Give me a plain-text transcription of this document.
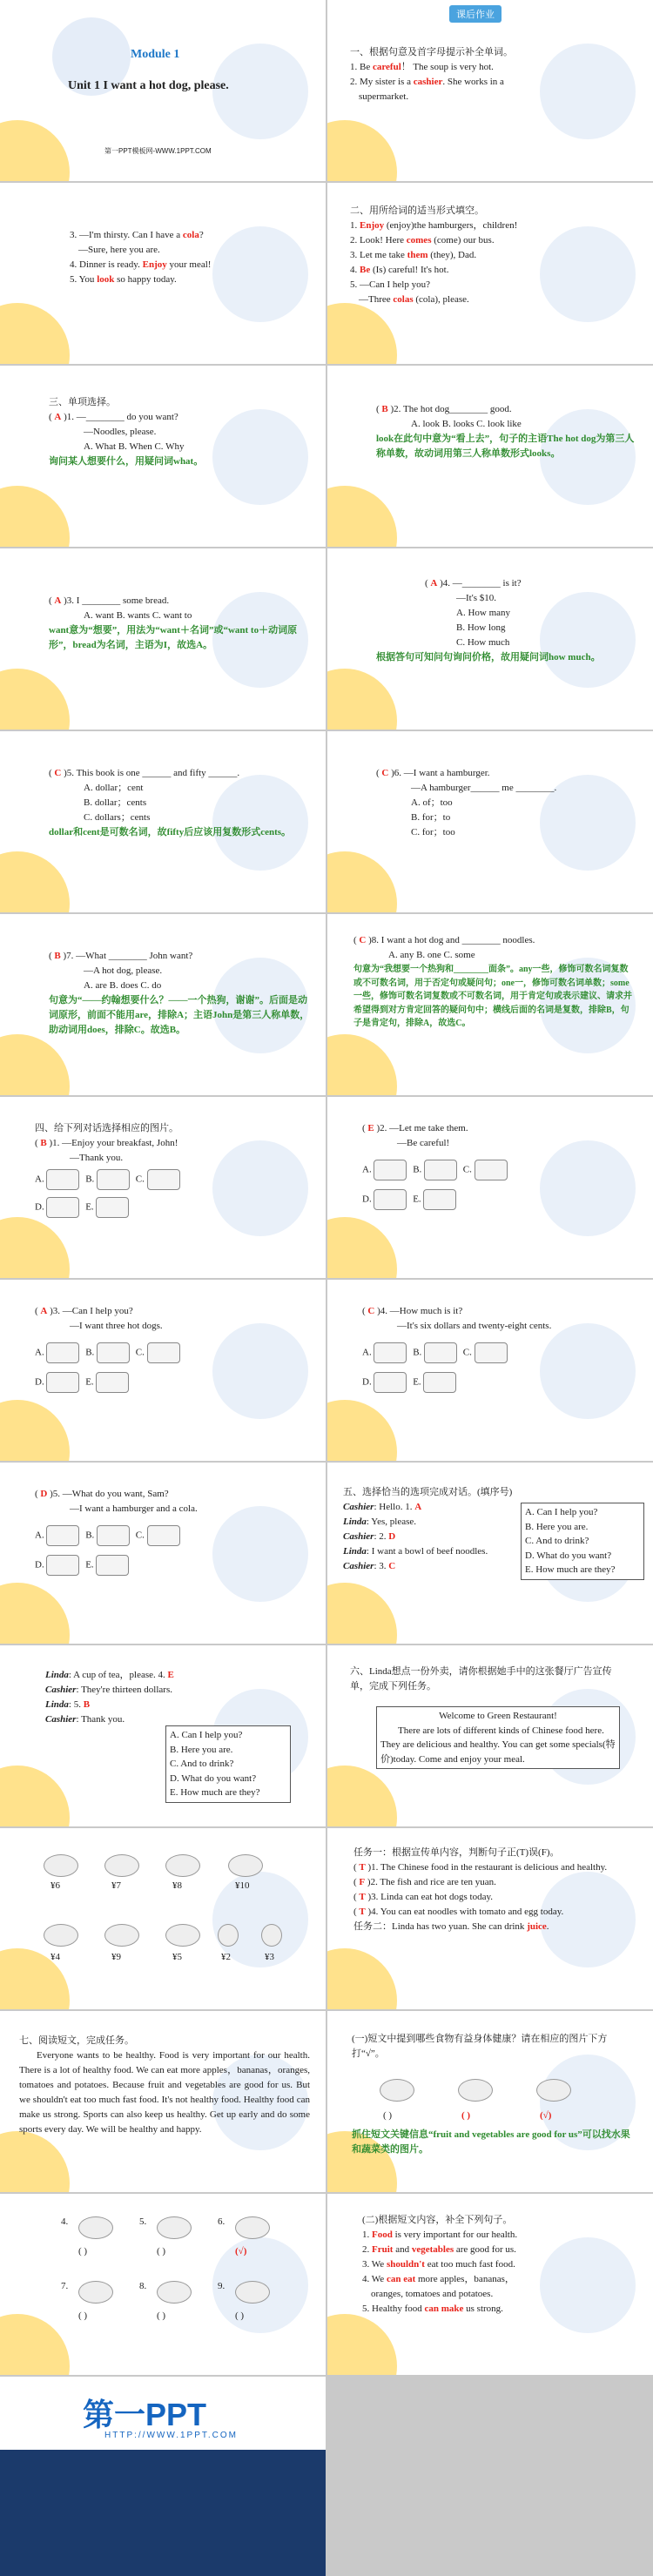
Module 1
Unit 1 I want a hot dog, please.
第一PPT模板网-WWW.1PPT.COM
课后作业
一、根据句意及首字母提示补全单词。
1. Be careful！ The soup is very hot.
2. My sister is a cashier. She works in a
supermarket.
3. —I'm thirsty. Can I have a cola?
—Sure, here you are.
4. Dinner is ready. Enjoy your meal!
5. You look so happy today.
二、用所给词的适当形式填空。
1. Enjoy (enjoy)the hamburgers，children!
2. Look! Here comes (come) our bus.
3. Let me take them (they), Dad.
4. Be (Is) careful! It's hot.
5. —Can I help you?
—Three colas (cola), please.
三、单项选择。
( A )1. —________ do you want?
—Noodles, please.
A. What B. When C. Why
询问某人想要什么，用疑问词what。
( B )2. The hot dog________ good.
A. look B. looks C. look like
look在此句中意为“看上去”，句子的主语The hot dog为第三人称单数，故动词用第三人称单数形式looks。
( A )3. I ________ some bread.
A. want B. wants C. want to
want意为“想要”，用法为“want＋名词”或“want to＋动词原形”，bread为名词，主语为I，故选A。
( A )4. —________ is it?
—It's $10.
A. How many
B. How long
C. How much
根据答句可知问句询问价格，故用疑问词how much。
( C )5. This book is one ______ and fifty ______.
A. dollar；cent
B. dollar；cents
C. dollars；cents
dollar和cent是可数名词，故fifty后应该用复数形式cents。
( C )6. —I want a hamburger.
—A hamburger______ me ________.
A. of；too
B. for；to
C. for；too
( B )7. —What ________ John want?
—A hot dog, please.
A. are B. does C. do
句意为“——约翰想要什么？——一个热狗，谢谢”。后面是动词原形，前面不能用are，排除A；主语John是第三人称单数，助动词用does，排除C。故选B。
( C )8. I want a hot dog and ________ noodles.
A. any B. one C. some
句意为“我想要一个热狗和________面条”。any一些，修饰可数名词复数或不可数名词，用于否定句或疑问句；one一，修饰可数名词单数；some一些，修饰可数名词复数或不可数名词，用于肯定句或表示建议、请求并希望得到对方肯定回答的疑问句中；横线后面的名词是复数，排除B，句子是肯定句，排除A，故选C。
四、给下列对话选择相应的图片。
( B )1. —Enjoy your breakfast, John!
—Thank you.
A.	B.	C.
D.	E.
( E )2. —Let me take them.
—Be careful!
A.	B.	C.
D.	E.
( A )3. —Can I help you?
—I want three hot dogs.
A.	B.	C.
D.	E.
( C )4. —How much is it?
—It's six dollars and twenty-eight cents.
A.	B.	C.
D.	E.
( D )5. —What do you want, Sam?
—I want a hamburger and a cola.
A.	B.	C.
D.	E.
五、选择恰当的选项完成对话。(填序号)
Cashier: Hello. 1. A
Linda: Yes, please.
Cashier: 2. D
Linda: I want a bowl of beef noodles.
Cashier: 3. C
A. Can I help you?
B. Here you are.
C. And to drink?
D. What do you want?
E. How much are they?
Linda: A cup of tea，please. 4. E
Cashier: They're thirteen dollars.
Linda: 5. B
Cashier: Thank you.
A. Can I help you?
B. Here you are.
C. And to drink?
D. What do you want?
E. How much are they?
六、Linda想点一份外卖，请你根据她手中的这张餐厅广告宣传单，完成下列任务。
Welcome to Green Restaurant!
There are lots of different kinds of Chinese food here. They are delicious and healthy. You can get some specials(特价)today. Come and enjoy your meal.
¥6	¥7	¥8	¥10
¥4	¥9	¥5	¥2	¥3
任务一：根据宣传单内容，判断句子正(T)误(F)。
( T )1. The Chinese food in the restaurant is delicious and healthy.
( F )2. The fish and rice are ten yuan.
( T )3. Linda can eat hot dogs today.
( T )4. You can eat noodles with tomato and egg today.
任务二：Linda has two yuan. She can drink juice.
七、阅读短文，完成任务。
Everyone wants to be healthy. Food is very important for our health. There is a lot of healthy food. We can eat more apples，bananas，oranges, tomatoes and potatoes. Because fruit and vegetables are good for us. But we shouldn't eat too much fast food. It's not healthy food. Healthy food can make us strong. Sports can also keep us healthy. Get up early and do some sports every day. We will be healthy and happy.
(一)短文中提到哪些食物有益身体健康？请在相应的图片下方打“√”。
( )	( )	(√)
抓住短文关键信息“fruit and vegetables are good for us”可以找水果和蔬菜类的图片。
4.	5.	6.
( )	( )	(√)
7.	8.	9.
( )	( )	( )
(二)根据短文内容，补全下列句子。
1. Food is very important for our health.
2. Fruit and vegetables are good for us.
3. We shouldn't eat too much fast food.
4. We can eat more apples，bananas，
oranges, tomatoes and potatoes.
5. Healthy food can make us strong.
第一PPT
HTTP://WWW.1PPT.COM
